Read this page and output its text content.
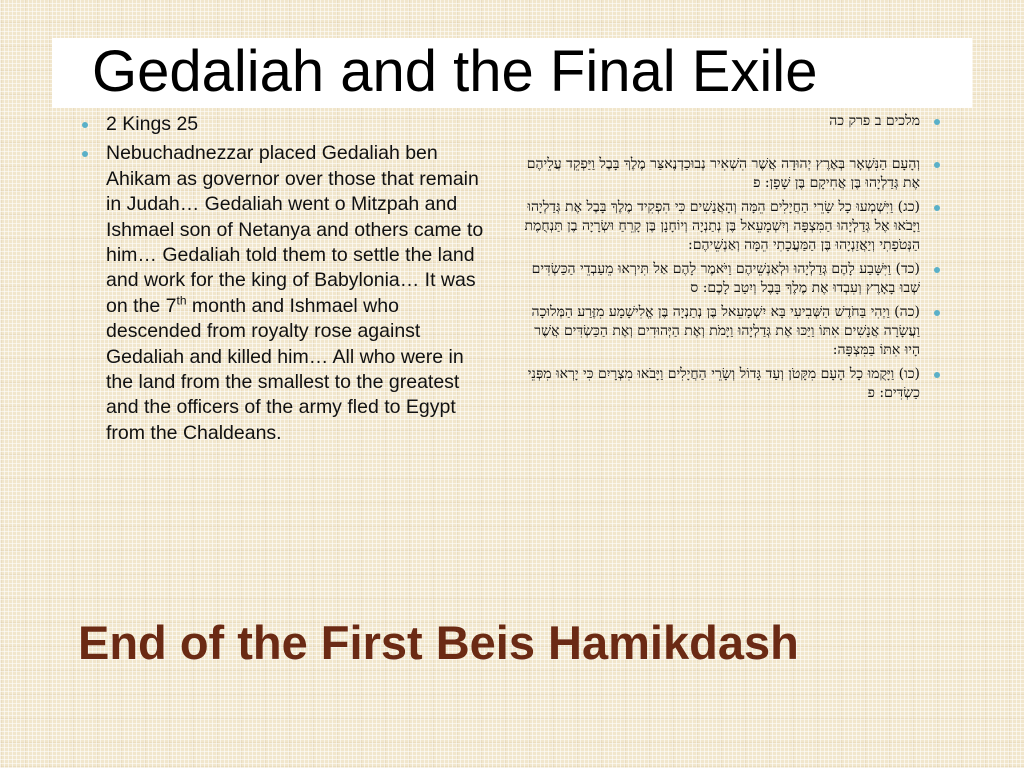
Gedaliah and the Final Exile
2 Kings 25
Nebuchadnezzar placed Gedaliah ben Ahikam as governor over those that remain in Judah… Gedaliah went o Mitzpah and Ishmael son of Netanya and others came to him… Gedaliah told them to settle the land and work for the king of Babylonia… It was on the 7th month and Ishmael who descended from royalty rose against Gedaliah and killed him… All who were in the land from the smallest to the greatest and the officers of the army fled to Egypt from the Chaldeans.
מלכים ב פרק כה
וְהָעָם הַנִּשְׁאָר בְּאֶרֶץ יְהוּדָה אֲשֶׁר הִשְׁאִיר נְבוּכַדְנֶאצַּר מֶלֶךְ בָּבֶל וַיַּפְקֵד עֲלֵיהֶם אֶת גְּדַלְיָהוּ בֶּן אֲחִיקָם בֶּן שָׁפָן: פ
(כג) וַיִּשְׁמְעוּ כָל שָׂרֵי הַחֲיָלִים הֵמָּה וְהָאֲנָשִׁים כִּי הִפְקִיד מֶלֶךְ בָּבֶל אֶת גְּדַלְיָהוּ וַיָּבֹאוּ אֶל גְּדַלְיָהוּ הַמִּצְפָּה וְיִשְׁמָעֵאל בֶּן נְתַנְיָה וְיוֹחָנָן בֶּן קָרֵחַ וּשְׂרָיָה בֶן תַּנְחֻמֶת הַנְּטֹפָתִי וְיַאֲזַנְיָהוּ בֶּן הַמַּעֲכָתִי הֵמָּה וְאַנְשֵׁיהֶם:
(כד) וַיִּשָּׁבַע לָהֶם גְּדַלְיָהוּ וּלְאַנְשֵׁיהֶם וַיֹּאמֶר לָהֶם אַל תִּירְאוּ מֵעַבְדֵי הַכַּשְׂדִּים שְׁבוּ בָאָרֶץ וְעִבְדוּ אֶת מֶלֶךְ בָּבֶל וְיִטַב לָכֶם: ס
(כה) וַיְהִי בַּחֹדֶשׁ הַשְּׁבִיעִי בָּא יִשְׁמָעֵאל בֶּן נְתַנְיָה בֶּן אֱלִישָׁמָע מִזֶּרַע הַמְּלוּכָה וַעֲשָׂרָה אֲנָשִׁים אִתּוֹ וַיַּכּוּ אֶת גְּדַלְיָהוּ וַיָּמֹת וְאֶת הַיְּהוּדִים וְאֶת הַכַּשְׂדִּים אֲשֶׁר הָיוּ אִתּוֹ בַּמִּצְפָּה:
(כו) וַיָּקֻמוּ כָל הָעָם מִקָּטֹן וְעַד גָּדוֹל וְשָׂרֵי הַחֲיָלִים וַיָּבֹאוּ מִצְרָיִם כִּי יָרְאוּ מִפְּנֵי כַשְׂדִּים: פ
End of the First Beis Hamikdash
